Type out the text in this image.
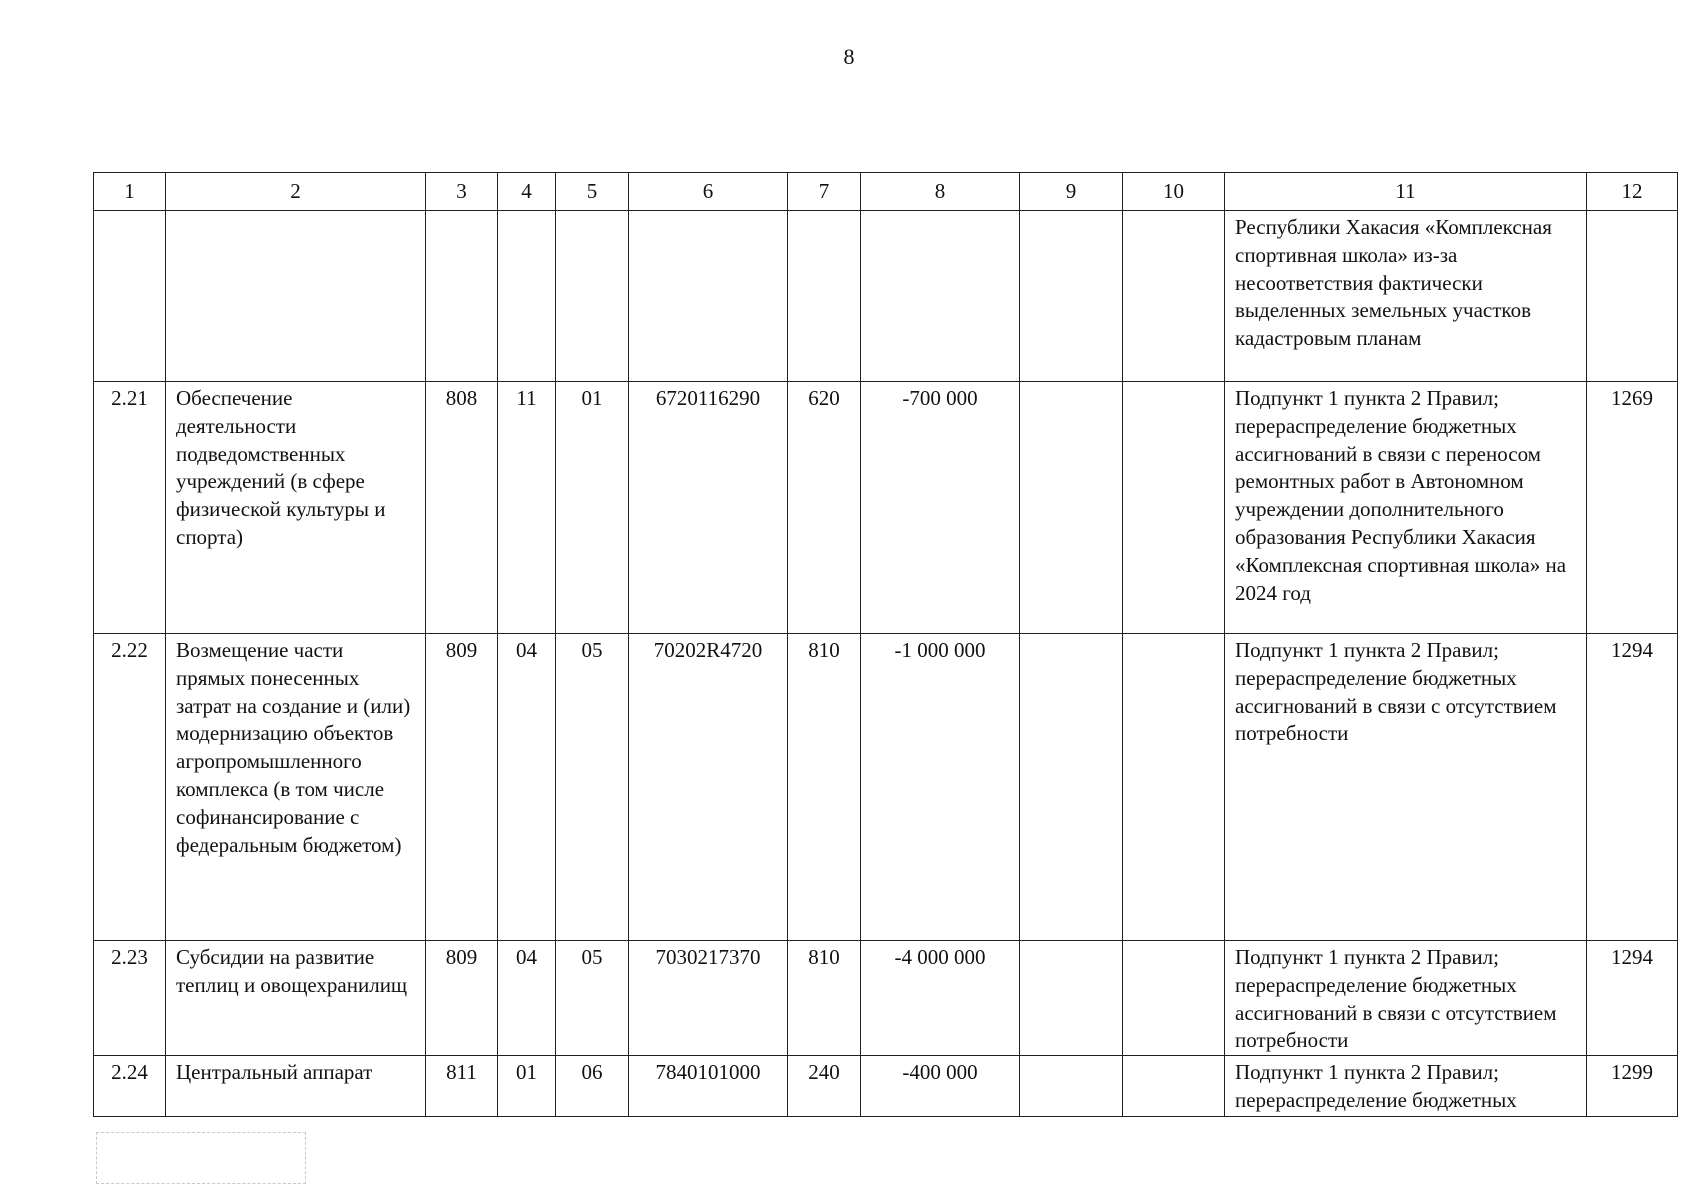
8
1	2	3	4	5	6	7	8	9	10	11	12

										Республики Хакасия «Комплексная спортивная школа» из-за несоответствия фактически выделенных земельных участков кадастровым планам	

2.21	Обеспечение деятельности подведомственных учреждений (в сфере физической культуры и спорта)	808	11	01	6720116290	620	-700 000			Подпункт 1 пункта 2 Правил; перераспределение бюджетных ассигнований в связи с переносом ремонтных работ в Автономном учреждении дополнительного образования Республики Хакасия «Комплексная спортивная школа» на 2024 год	1269
2.22	Возмещение части прямых понесенных затрат на создание и (или) модернизацию объектов агропромышленного комплекса (в том числе софинансирование с федеральным бюджетом)	809	04	05	70202R4720	810	-1 000 000			Подпункт 1 пункта 2 Правил; перераспределение бюджетных ассигнований в связи с отсутствием потребности	1294
2.23	Субсидии на развитие теплиц и овощехранилищ	809	04	05	7030217370	810	-4 000 000			Подпункт 1 пункта 2 Правил; перераспределение бюджетных ассигнований в связи с отсутствием потребности	1294
2.24	Центральный аппарат	811	01	06	7840101000	240	-400 000			Подпункт 1 пункта 2 Правил; перераспределение бюджетных	1299
